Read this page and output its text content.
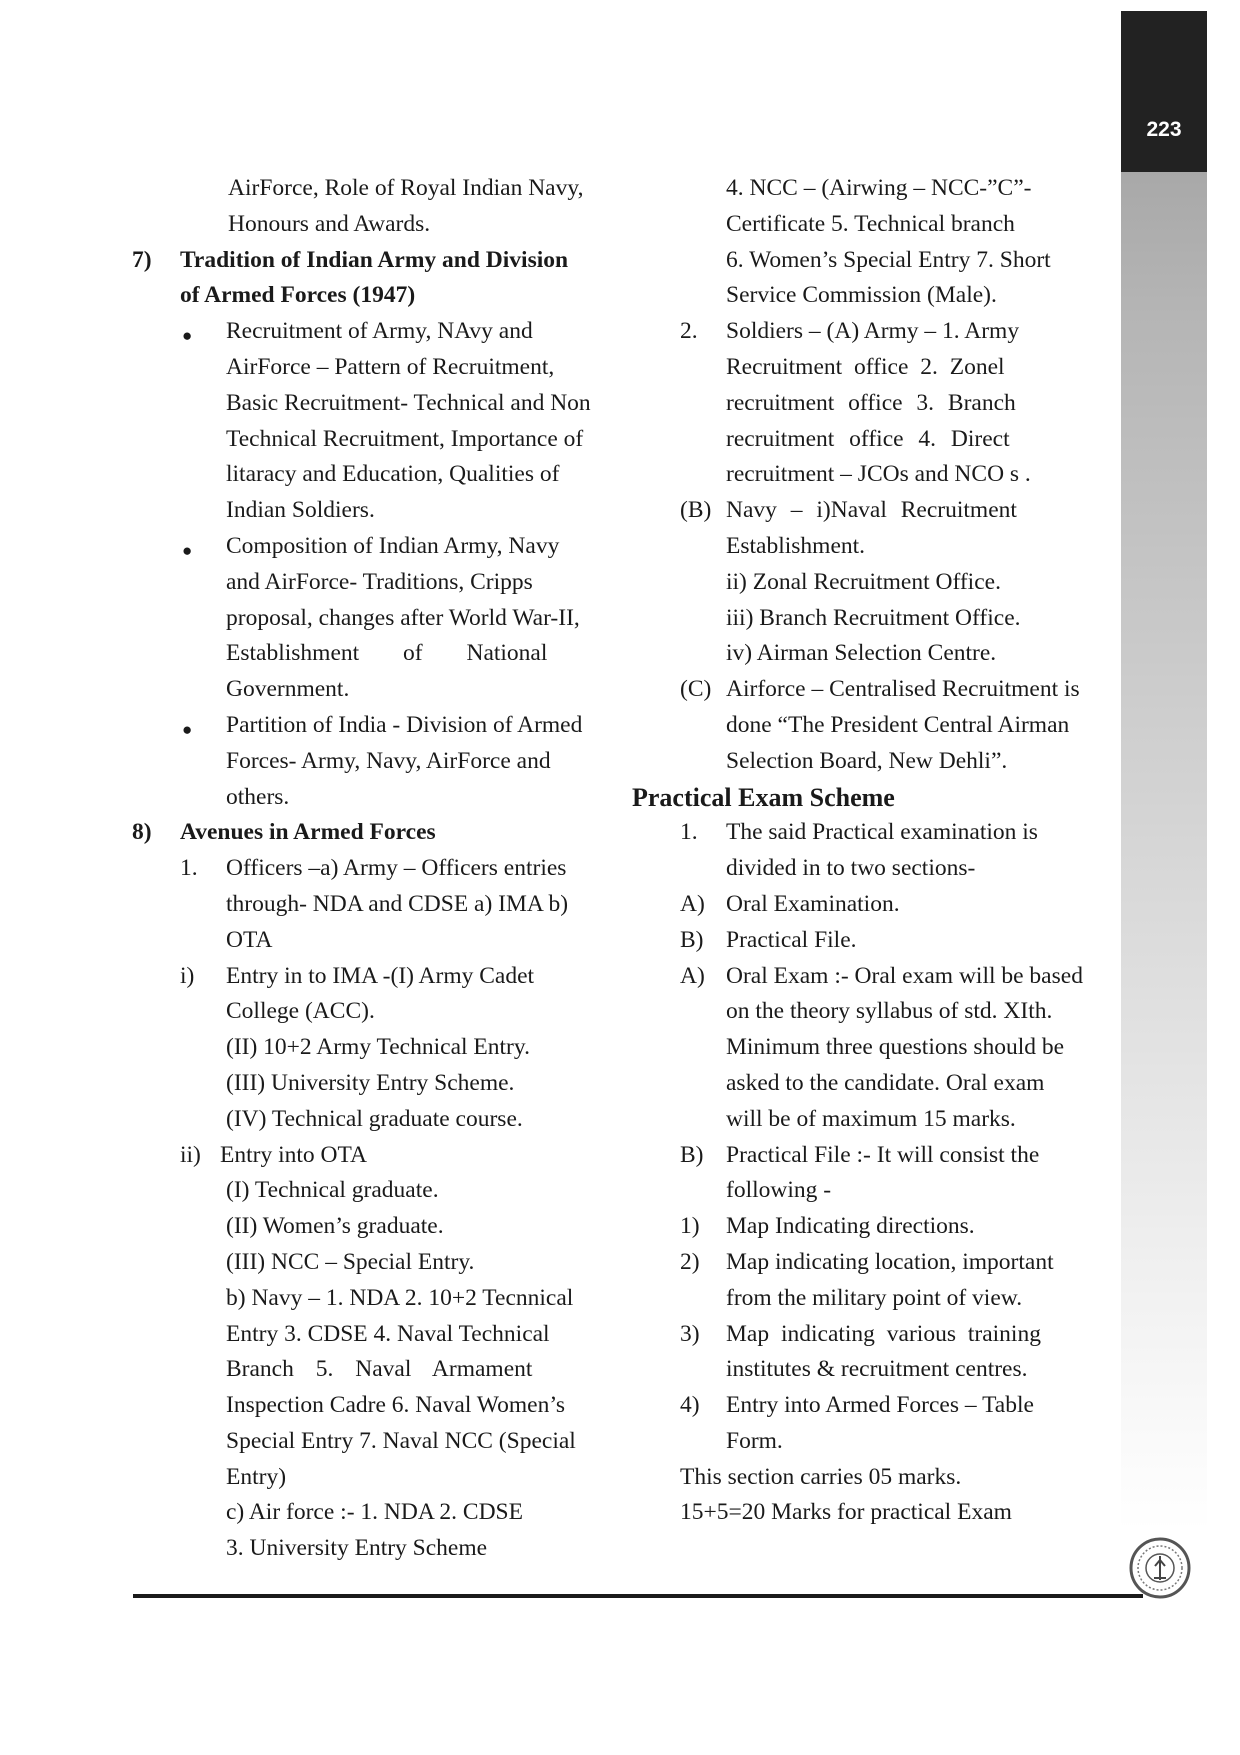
223
AirForce, Role of Royal Indian Navy,
Honours and Awards.
7) Tradition of Indian Army and Division
of Armed Forces (1947)
● Recruitment of Army, NAvy and
AirForce – Pattern of Recruitment,
Basic Recruitment- Technical and Non
Technical Recruitment, Importance of
litaracy and Education, Qualities of
Indian Soldiers.
● Composition of Indian Army, Navy
and AirForce- Traditions, Cripps
proposal, changes after World War-II,
Establishment of National
Government.
● Partition of India - Division of Armed
Forces- Army, Navy, AirForce and
others.
8) Avenues in Armed Forces
1. Officers –a) Army – Officers entries
through- NDA and CDSE a) IMA b)
OTA
i) Entry in to IMA -(I) Army Cadet
College (ACC).
(II) 10+2 Army Technical Entry.
(III) University Entry Scheme.
(IV) Technical graduate course.
ii) Entry into OTA
(I) Technical graduate.
(II) Women’s graduate.
(III) NCC – Special Entry.
b) Navy – 1. NDA 2. 10+2 Tecnnical
Entry 3. CDSE 4. Naval Technical
Branch 5. Naval Armament
Inspection Cadre 6. Naval Women’s
Special Entry 7. Naval NCC (Special
Entry)
c) Air force :- 1. NDA 2. CDSE
3. University Entry Scheme
4. NCC – (Airwing – NCC-”C”-
Certificate 5. Technical branch
6. Women’s Special Entry 7. Short
Service Commission (Male).
2. Soldiers – (A) Army – 1. Army
Recruitment office 2. Zonel
recruitment office 3. Branch
recruitment office 4. Direct
recruitment – JCOs and NCO s .
(B) Navy – i)Naval Recruitment
Establishment.
ii) Zonal Recruitment Office.
iii) Branch Recruitment Office.
iv) Airman Selection Centre.
(C) Airforce – Centralised Recruitment is
done “The President Central Airman
Selection Board, New Dehli”.
Practical Exam Scheme
1. The said Practical examination is
divided in to two sections-
A) Oral Examination.
B) Practical File.
A) Oral Exam :- Oral exam will be based
on the theory syllabus of std. XIth.
Minimum three questions should be
asked to the candidate. Oral exam
will be of maximum 15 marks.
B) Practical File :- It will consist the
following -
1) Map Indicating directions.
2) Map indicating location, important
from the military point of view.
3) Map indicating various training
institutes & recruitment centres.
4) Entry into Armed Forces – Table
Form.
This section carries 05 marks.
15+5=20 Marks for practical Exam
